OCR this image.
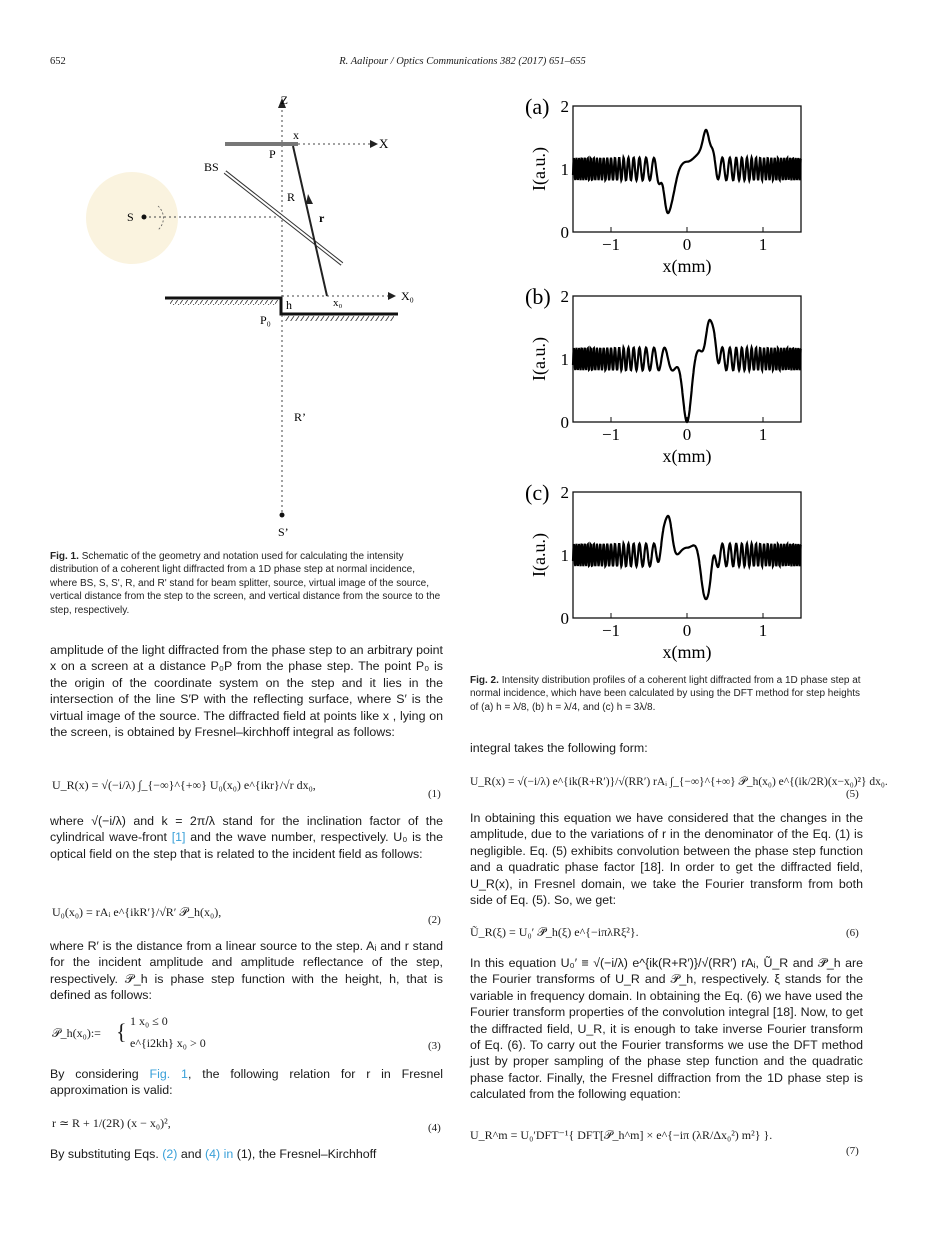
652	R. Aalipour / Optics Communications 382 (2017) 651–655
Z
X
x
P
BS
S
R
r
X₀
h	x₀
P₀
R’
S’
Fig. 1. Schematic of the geometry and notation used for calculating the intensity distribution of a coherent light diffracted from a 1D phase step at normal incidence, where BS, S, S', R, and R' stand for beam splitter, source, virtual image of the source, vertical distance from the step to the screen, and vertical distance from the source to the step, respectively.
(a)
0
1
2
−1	0	1
x(mm)
I(a.u.)
(b)
0
1
2
−1	0	1
x(mm)
I(a.u.)
(c)
0
1
2
−1	0	1
x(mm)
I(a.u.)
Fig. 2. Intensity distribution profiles of a coherent light diffracted from a 1D phase step at normal incidence, which have been calculated by using the DFT method for step heights of (a) h = λ/8, (b) h = λ/4, and (c) h = 3λ/8.
amplitude of the light diffracted from the phase step to an arbitrary point x on a screen at a distance P₀P from the phase step. The point P₀ is the origin of the coordinate system on the step and it lies in the intersection of the line S′P with the reflecting surface, where S′ is the virtual image of the source. The diffracted field at points like x , lying on the screen, is obtained by Fresnel–kirchhoff integral as follows:
U_R(x) = √(−i/λ) ∫_{−∞}^{+∞} U₀(x₀) e^{ikr}/√r dx₀,
(1)
where √(−i/λ) and k = 2π/λ stand for the inclination factor of the cylindrical wave-front [1] and the wave number, respectively. U₀ is the optical field on the step that is related to the incident field as follows:
U₀(x₀) = rAᵢ e^{ikR′}/√R′ 𝒫_h(x₀),
(2)
where R′ is the distance from a linear source to the step. Aᵢ and r stand for the incident amplitude and amplitude reflectance of the step, respectively. 𝒫_h is phase step function with the height, h, that is defined as follows:
𝒫_h(x₀):= { 1 x₀ ≤ 0
e^{i2kh} x₀ > 0	(3)
By considering Fig. 1, the following relation for r in Fresnel approximation is valid:
r ≃ R + 1/(2R) (x − x₀)²,	(4)
By substituting Eqs. (2) and (4) in (1), the Fresnel–Kirchhoff
integral takes the following form:
U_R(x) = √(−i/λ) e^{ik(R+R′)}/√(RR′) rAᵢ ∫_{−∞}^{+∞} 𝒫_h(x₀) e^{(ik/2R)(x−x₀)²} dx₀.
(5)
In obtaining this equation we have considered that the changes in the amplitude, due to the variations of r in the denominator of the Eq. (1) is negligible. Eq. (5) exhibits convolution between the phase step function and a quadratic phase factor [18]. In order to get the diffracted field, U_R(x), in Fresnel domain, we take the Fourier transform from both side of Eq. (5). So, we get:
Ũ_R(ξ) = U₀′ 𝒫̃_h(ξ) e^{−iπλRξ²}.	(6)
In this equation U₀′ ≡ √(−i/λ) e^{ik(R+R′)}/√(RR′) rAᵢ, Ũ_R and 𝒫̃_h are the Fourier transforms of U_R and 𝒫_h, respectively. ξ stands for the variable in frequency domain. In obtaining the Eq. (6) we have used the Fourier transform properties of the convolution integral [18]. Now, to get the diffracted field, U_R, it is enough to take inverse Fourier transform of Eq. (6). To carry out the Fourier transforms we use the DFT method just by proper sampling of the phase step function and the quadratic phase factor. Finally, the Fresnel diffraction from the 1D phase step is calculated from the following equation:
U_R^m = U₀′DFT⁻¹{ DFT[𝒫_h^m] × e^{−iπ (λR/Δx₀²) m²} }.
(7)
